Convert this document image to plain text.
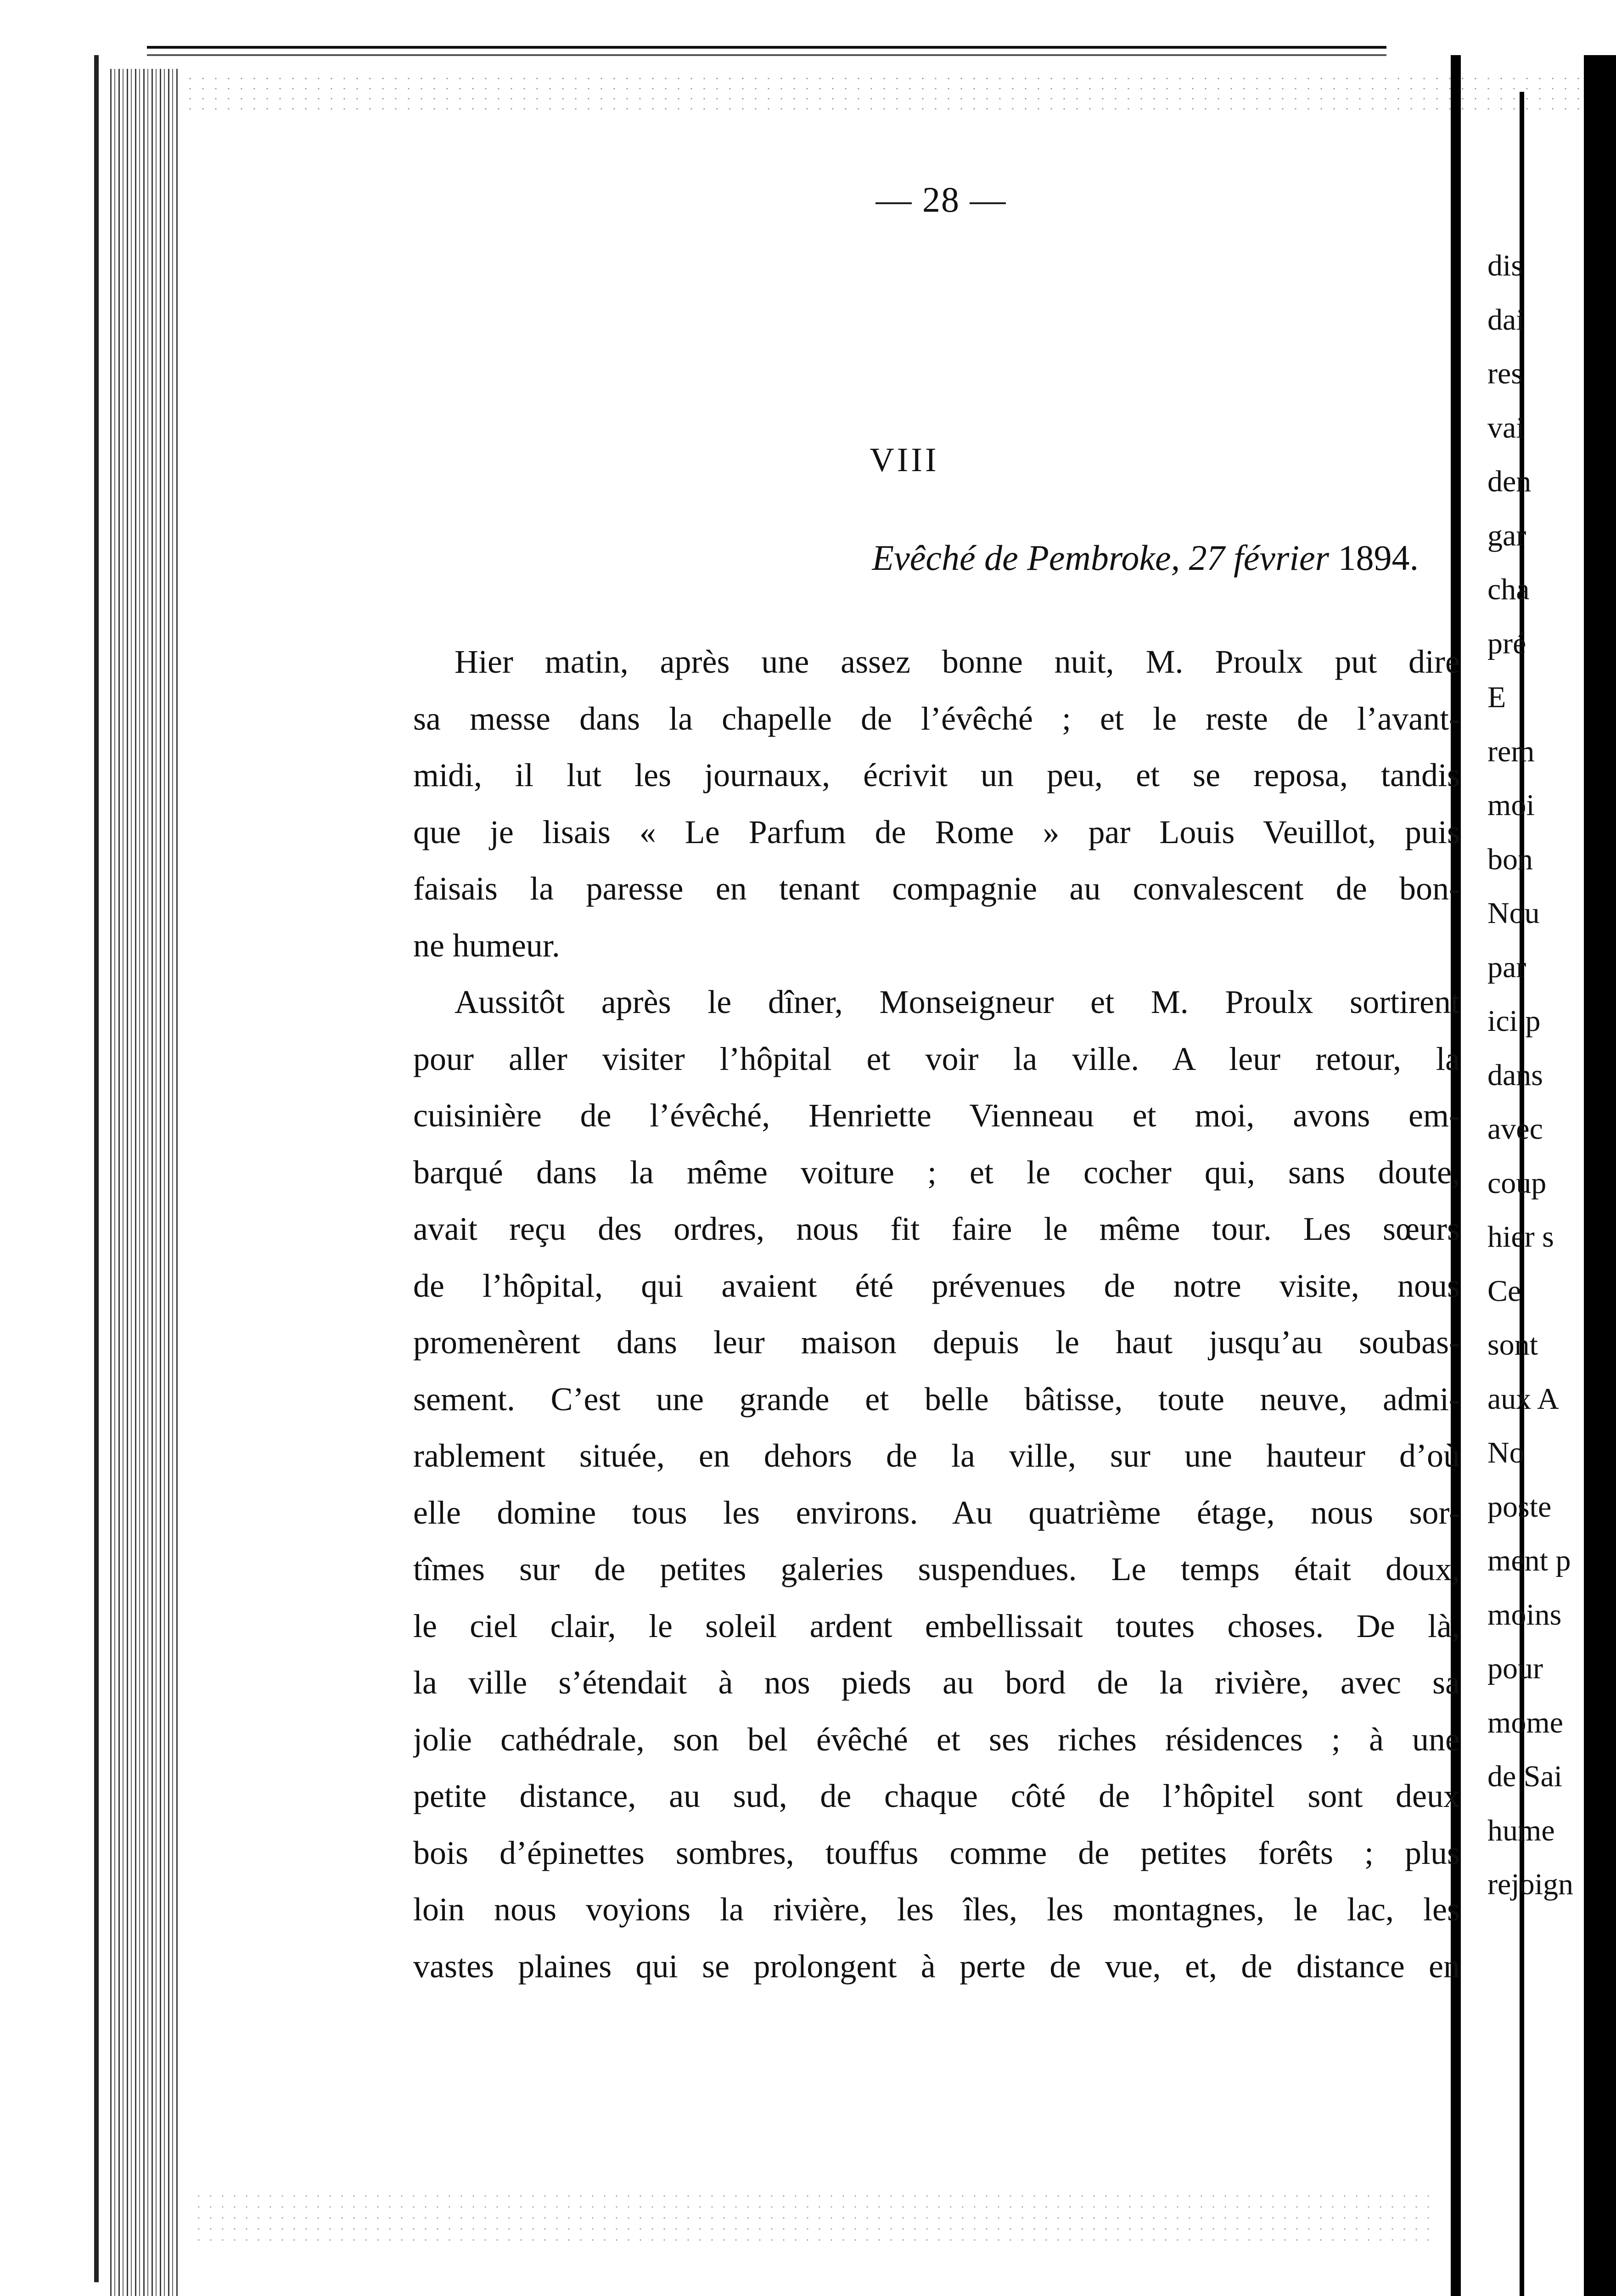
— 28 —
VIII
Evêché de Pembroke, 27 février 1894.
Hier matin, après une assez bonne nuit, M. Proulx put dire
sa messe dans la chapelle de l’évêché ; et le reste de l’avant-
midi, il lut les journaux, écrivit un peu, et se reposa, tandis
que je lisais « Le Parfum de Rome » par Louis Veuillot, puis
faisais la paresse en tenant compagnie au convalescent de bon-
ne humeur.
Aussitôt après le dîner, Monseigneur et M. Proulx sortirent
pour aller visiter l’hôpital et voir la ville. A leur retour, la
cuisinière de l’évêché, Henriette Vienneau et moi, avons em-
barqué dans la même voiture ; et le cocher qui, sans doute,
avait reçu des ordres, nous fit faire le même tour. Les sœurs
de l’hôpital, qui avaient été prévenues de notre visite, nous
promenèrent dans leur maison depuis le haut jusqu’au soubas-
sement. C’est une grande et belle bâtisse, toute neuve, admi-
rablement située, en dehors de la ville, sur une hauteur d’où
elle domine tous les environs. Au quatrième étage, nous sor-
tîmes sur de petites galeries suspendues. Le temps était doux,
le ciel clair, le soleil ardent embellissait toutes choses. De là,
la ville s’étendait à nos pieds au bord de la rivière, avec sa
jolie cathédrale, son bel évêché et ses riches résidences ; à une
petite distance, au sud, de chaque côté de l’hôpitel sont deux
bois d’épinettes sombres, touffus comme de petites forêts ; plus
loin nous voyions la rivière, les îles, les montagnes, le lac, les
vastes plaines qui se prolongent à perte de vue, et, de distance en
dis
dai
res
vai
den
gar
cha
pré
E
rem
moi
bon
Nou
par
ici p
dans
avec
coup
hier s
Ce
sont
aux A
No
poste
ment p
moins
pour
mome
de Sai
hume
rejoign
